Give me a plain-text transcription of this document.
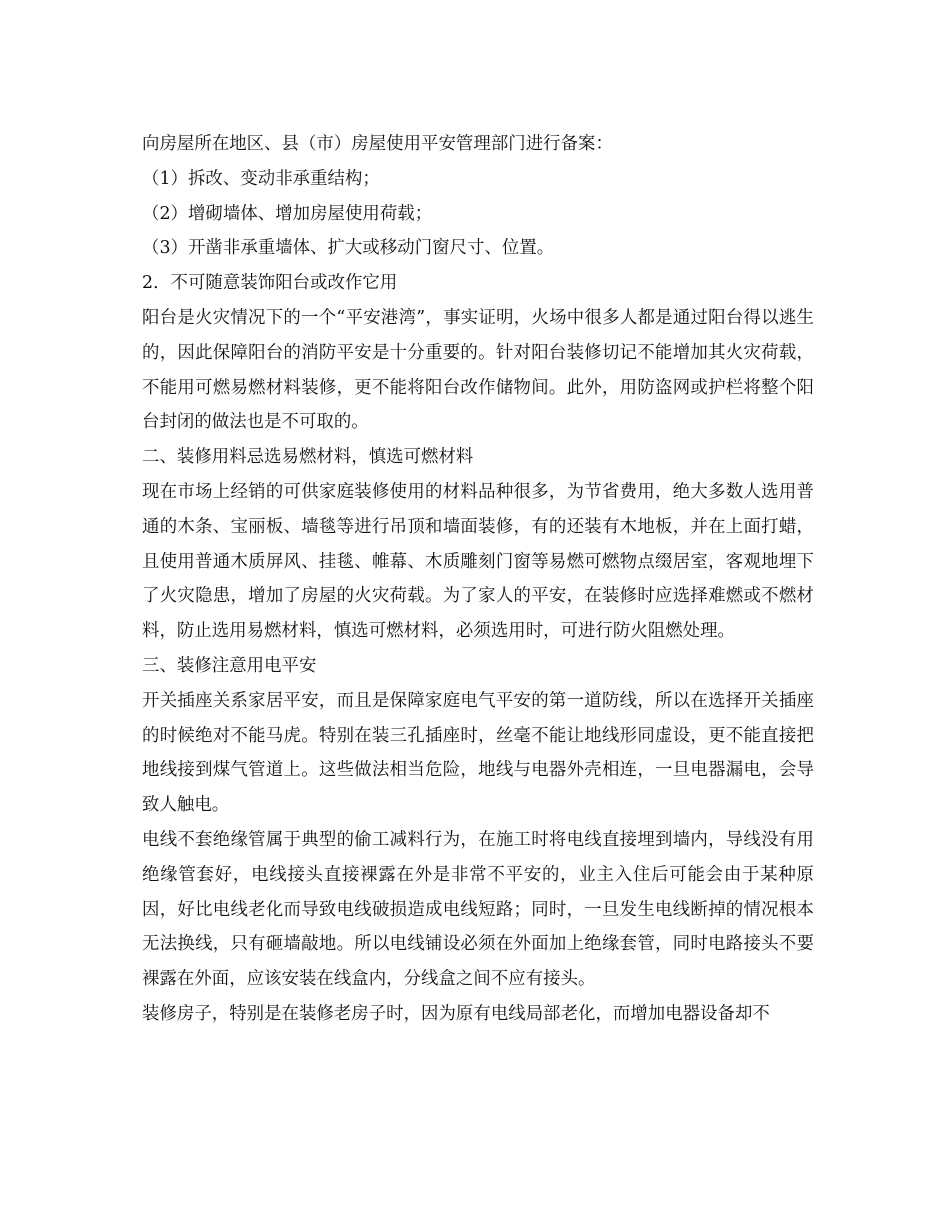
向房屋所在地区、县（市）房屋使用平安管理部门进行备案：

（1）拆改、变动非承重结构；

（2）增砌墙体、增加房屋使用荷载；

（3）开凿非承重墙体、扩大或移动门窗尺寸、位置。

2．不可随意装饰阳台或改作它用

阳台是火灾情况下的一个“平安港湾”，事实证明，火场中很多人都是通过阳台得以逃生的，因此保障阳台的消防平安是十分重要的。针对阳台装修切记不能增加其火灾荷载，不能用可燃易燃材料装修，更不能将阳台改作储物间。此外，用防盗网或护栏将整个阳台封闭的做法也是不可取的。

二、装修用料忌选易燃材料，慎选可燃材料

现在市场上经销的可供家庭装修使用的材料品种很多，为节省费用，绝大多数人选用普通的木条、宝丽板、墙毯等进行吊顶和墙面装修，有的还装有木地板，并在上面打蜡，且使用普通木质屏风、挂毯、帷幕、木质雕刻门窗等易燃可燃物点缀居室，客观地埋下了火灾隐患，增加了房屋的火灾荷载。为了家人的平安，在装修时应选择难燃或不燃材料，防止选用易燃材料，慎选可燃材料，必须选用时，可进行防火阻燃处理。

三、装修注意用电平安

开关插座关系家居平安，而且是保障家庭电气平安的第一道防线，所以在选择开关插座的时候绝对不能马虎。特别在装三孔插座时，丝毫不能让地线形同虚设，更不能直接把地线接到煤气管道上。这些做法相当危险，地线与电器外壳相连，一旦电器漏电，会导致人触电。

电线不套绝缘管属于典型的偷工减料行为，在施工时将电线直接埋到墙内，导线没有用绝缘管套好，电线接头直接裸露在外是非常不平安的，业主入住后可能会由于某种原因，好比电线老化而导致电线破损造成电线短路；同时，一旦发生电线断掉的情况根本无法换线，只有砸墙敲地。所以电线铺设必须在外面加上绝缘套管，同时电路接头不要裸露在外面，应该安装在线盒内，分线盒之间不应有接头。

装修房子，特别是在装修老房子时，因为原有电线局部老化，而增加电器设备却不
